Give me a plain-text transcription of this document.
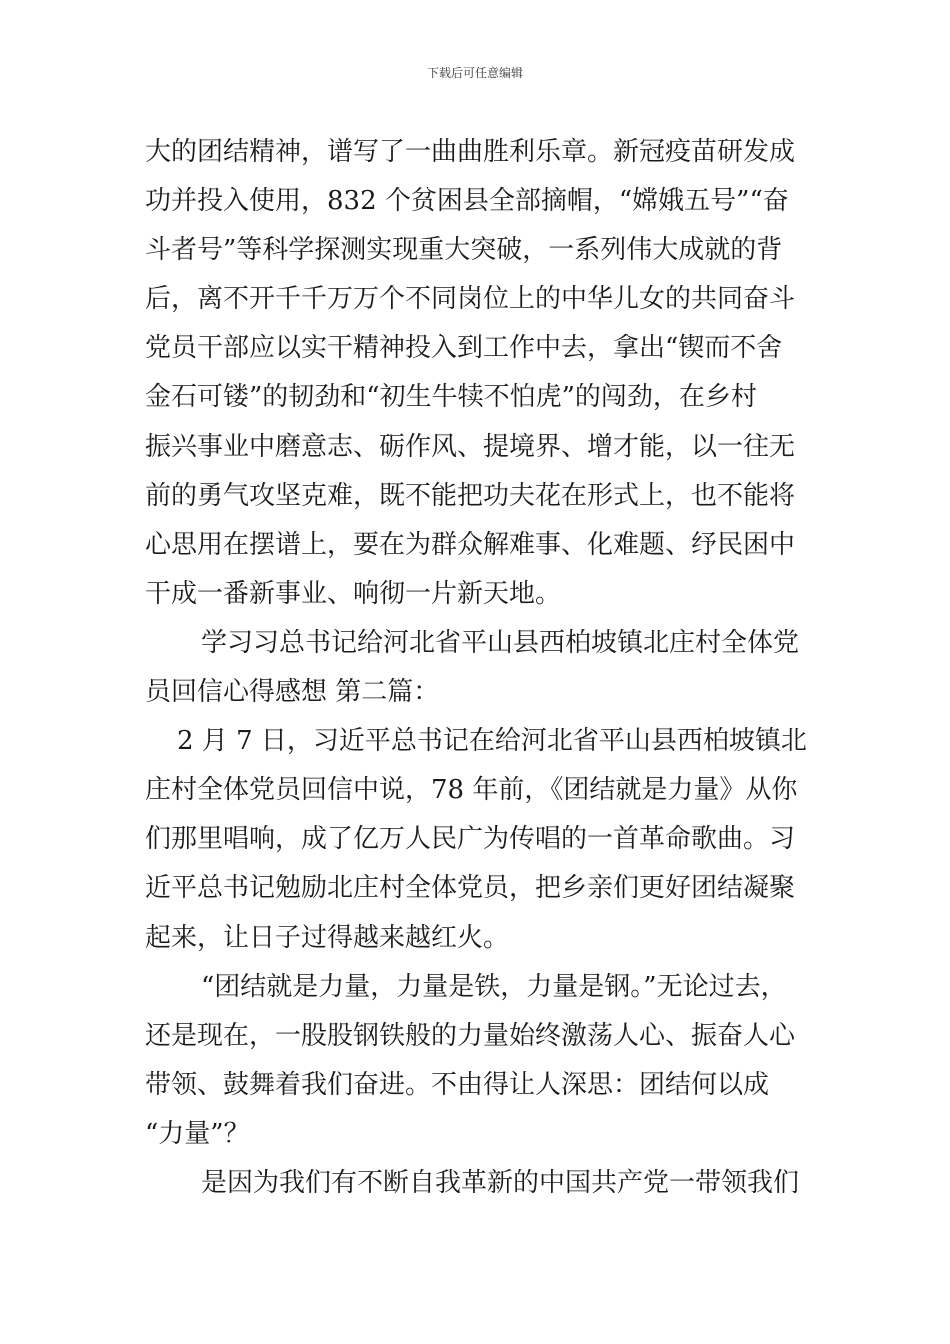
下载后可任意编辑
大的团结精神，谱写了一曲曲胜利乐章。新冠疫苗研发成
功并投入使用，832 个贫困县全部摘帽，“嫦娥五号”“奋
斗者号”等科学探测实现重大突破，一系列伟大成就的背
后，离不开千千万万个不同岗位上的中华儿女的共同奋斗
党员干部应以实干精神投入到工作中去，拿出“锲而不舍
金石可镂”的韧劲和“初生牛犊不怕虎”的闯劲，在乡村
振兴事业中磨意志、砺作风、提境界、增才能，以一往无
前的勇气攻坚克难，既不能把功夫花在形式上，也不能将
心思用在摆谱上，要在为群众解难事、化难题、纾民困中
干成一番新事业、响彻一片新天地。
学习习总书记给河北省平山县西柏坡镇北庄村全体党
员回信心得感想 第二篇：
2 月 7 日，习近平总书记在给河北省平山县西柏坡镇北
庄村全体党员回信中说，78 年前，《团结就是力量》从你
们那里唱响，成了亿万人民广为传唱的一首革命歌曲。习
近平总书记勉励北庄村全体党员，把乡亲们更好团结凝聚
起来，让日子过得越来越红火。
“团结就是力量，力量是铁，力量是钢。”无论过去，
还是现在，一股股钢铁般的力量始终激荡人心、振奋人心
带领、鼓舞着我们奋进。不由得让人深思：团结何以成
“力量”？
是因为我们有不断自我革新的中国共产党一带领我们
